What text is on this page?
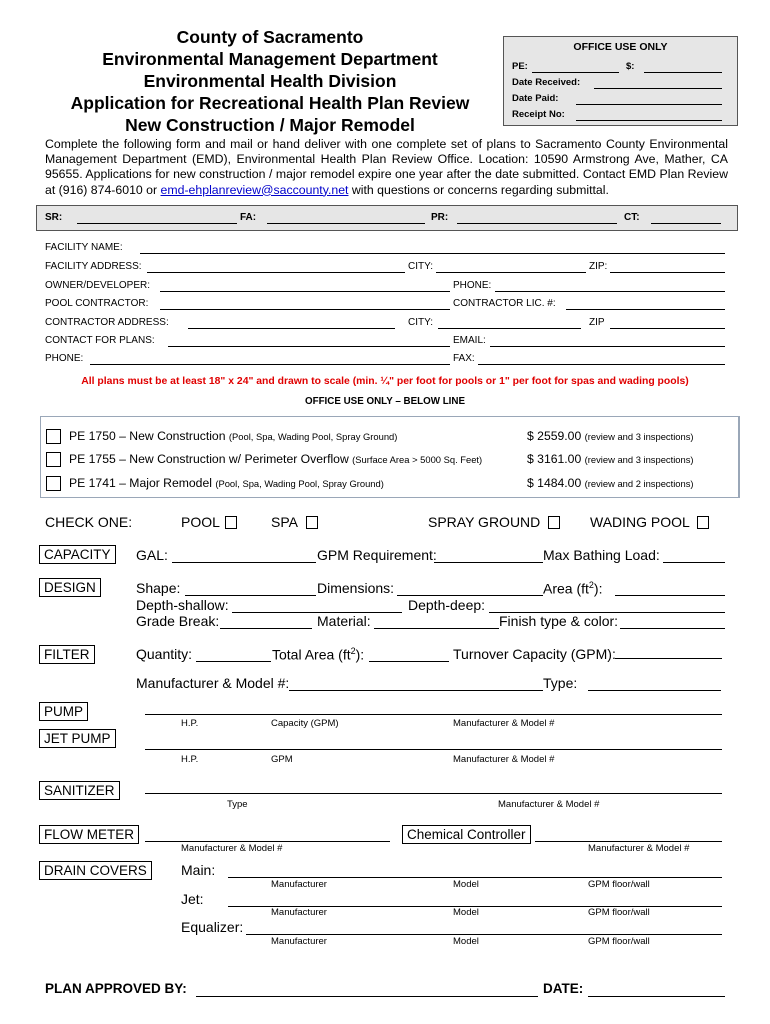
County of Sacramento
Environmental Management Department
Environmental Health Division
Application for Recreational Health Plan Review
New Construction / Major Remodel
OFFICE USE ONLY
PE:	$:
Date Received:
Date Paid:
Receipt No:
Complete the following form and mail or hand deliver with one complete set of plans to Sacramento County Environmental Management Department (EMD), Environmental Health Plan Review Office. Location: 10590 Armstrong Ave, Mather, CA 95655. Applications for new construction / major remodel expire one year after the date submitted. Contact EMD Plan Review at (916) 874-6010 or emd-ehplanreview@saccounty.net with questions or concerns regarding submittal.
SR:	FA:	PR:	CT:
FACILITY NAME:
FACILITY ADDRESS:	CITY:	ZIP:
OWNER/DEVELOPER:	PHONE:
POOL CONTRACTOR:	CONTRACTOR LIC. #:
CONTRACTOR ADDRESS:	CITY:	ZIP
CONTACT FOR PLANS:	EMAIL:
PHONE:	FAX:
All plans must be at least 18" x 24" and drawn to scale (min. ¼" per foot for pools or 1" per foot for spas and wading pools)
OFFICE USE ONLY – BELOW LINE
PE 1750 – New Construction (Pool, Spa, Wading Pool, Spray Ground)	$ 2559.00 (review and 3 inspections)
PE 1755 – New Construction w/ Perimeter Overflow (Surface Area > 5000 Sq. Feet)	$ 3161.00 (review and 3 inspections)
PE 1741 – Major Remodel (Pool, Spa, Wading Pool, Spray Ground)	$ 1484.00 (review and 2 inspections)
CHECK ONE:	POOL	SPA	SPRAY GROUND	WADING POOL
CAPACITY	GAL:	GPM Requirement:	Max Bathing Load:
DESIGN	Shape:	Dimensions:	Area $(ft^2)$:
Depth-shallow:	Depth-deep:
Grade Break:	Material:	Finish type & color:
FILTER	Quantity:	Total Area $(ft^2)$:	Turnover Capacity (GPM):
Manufacturer & Model #:	Type:
PUMP
H.P.	Capacity (GPM)	Manufacturer & Model #
JET PUMP
H.P.	GPM	Manufacturer & Model #
SANITIZER
Type	Manufacturer & Model #
FLOW METER
Manufacturer & Model #
Chemical Controller
Manufacturer & Model #
DRAIN COVERS	Main:
Manufacturer	Model	GPM floor/wall
Jet:
Manufacturer	Model	GPM floor/wall
Equalizer:
Manufacturer	Model	GPM floor/wall
PLAN APPROVED BY:	DATE:
